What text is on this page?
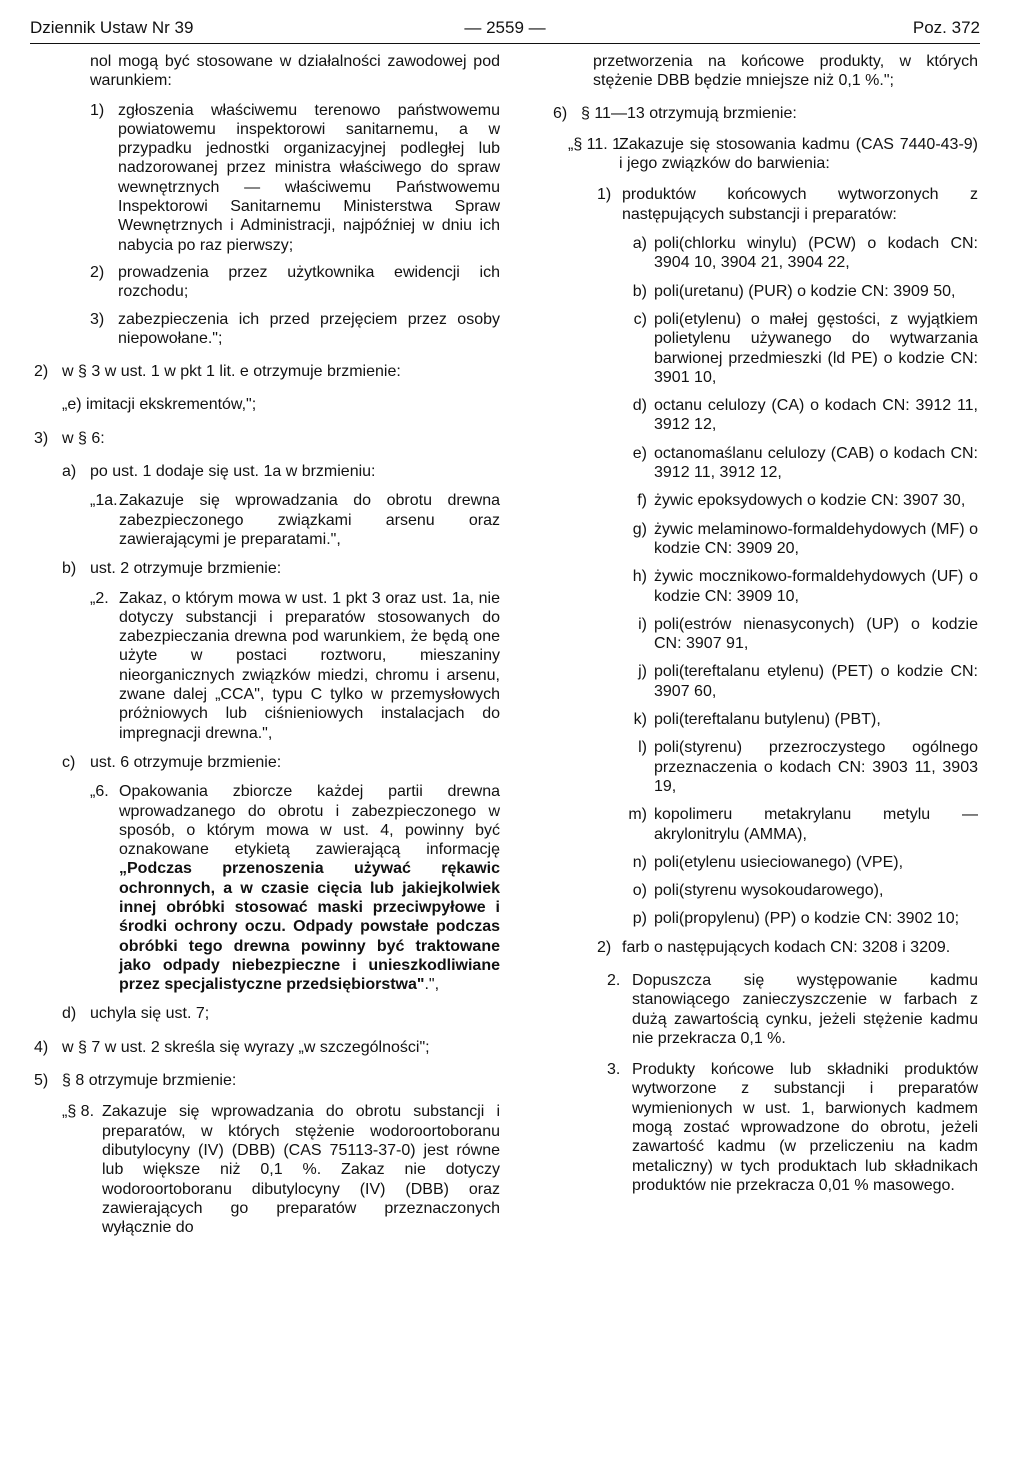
Dziennik Ustaw Nr 39	— 2559 —	Poz. 372
nol mogą być stosowane w działalności zawodowej pod warunkiem:
1) zgłoszenia właściwemu terenowo państwowemu powiatowemu inspektorowi sanitarnemu, a w przypadku jednostki organizacyjnej podległej lub nadzorowanej przez ministra właściwego do spraw wewnętrznych — właściwemu Państwowemu Inspektorowi Sanitarnemu Ministerstwa Spraw Wewnętrznych i Administracji, najpóźniej w dniu ich nabycia po raz pierwszy;
2) prowadzenia przez użytkownika ewidencji ich rozchodu;
3) zabezpieczenia ich przed przejęciem przez osoby niepowołane.";
2) w § 3 w ust. 1 w pkt 1 lit. e otrzymuje brzmienie:
„e) imitacji ekskrementów,";
3) w § 6:
a) po ust. 1 dodaje się ust. 1a w brzmieniu:
„1a. Zakazuje się wprowadzania do obrotu drewna zabezpieczonego związkami arsenu oraz zawierającymi je preparatami.",
b) ust. 2 otrzymuje brzmienie:
„2. Zakaz, o którym mowa w ust. 1 pkt 3 oraz ust. 1a, nie dotyczy substancji i preparatów stosowanych do zabezpieczania drewna pod warunkiem, że będą one użyte w postaci roztworu, mieszaniny nieorganicznych związków miedzi, chromu i arsenu, zwane dalej „CCA", typu C tylko w przemysłowych próżniowych lub ciśnieniowych instalacjach do impregnacji drewna.",
c) ust. 6 otrzymuje brzmienie:
„6. Opakowania zbiorcze każdej partii drewna wprowadzanego do obrotu i zabezpieczonego w sposób, o którym mowa w ust. 4, powinny być oznakowane etykietą zawierającą informację „Podczas przenoszenia używać rękawic ochronnych, a w czasie cięcia lub jakiejkolwiek innej obróbki stosować maski przeciwpyłowe i środki ochrony oczu. Odpady powstałe podczas obróbki tego drewna powinny być traktowane jako odpady niebezpieczne i unieszkodliwiane przez specjalistyczne przedsiębiorstwa".",
d) uchyla się ust. 7;
4) w § 7 w ust. 2 skreśla się wyrazy „w szczególności";
5) § 8 otrzymuje brzmienie:
„§ 8. Zakazuje się wprowadzania do obrotu substancji i preparatów, w których stężenie wodoroortoboranu dibutylocyny (IV) (DBB) (CAS 75113-37-0) jest równe lub większe niż 0,1 %. Zakaz nie dotyczy wodoroortoboranu dibutylocyny (IV) (DBB) oraz zawierających go preparatów przeznaczonych wyłącznie do
przetworzenia na końcowe produkty, w których stężenie DBB będzie mniejsze niż 0,1 %.";
6) § 11—13 otrzymują brzmienie:
„§ 11. 1.
Zakazuje się stosowania kadmu (CAS 7440-43-9) i jego związków do barwienia:
1) produktów końcowych wytworzonych z następujących substancji i preparatów:
a) poli(chlorku winylu) (PCW) o kodach CN: 3904 10, 3904 21, 3904 22,
b) poli(uretanu) (PUR) o kodzie CN: 3909 50,
c) poli(etylenu) o małej gęstości, z wyjątkiem polietylenu używanego do wytwarzania barwionej przedmieszki (ld PE) o kodzie CN: 3901 10,
d) octanu celulozy (CA) o kodach CN: 3912 11, 3912 12,
e) octanomaślanu celulozy (CAB) o kodach CN: 3912 11, 3912 12,
f) żywic epoksydowych o kodzie CN: 3907 30,
g) żywic melaminowo-formaldehydowych (MF) o kodzie CN: 3909 20,
h) żywic mocznikowo-formaldehydowych (UF) o kodzie CN: 3909 10,
i) poli(estrów nienasyconych) (UP) o kodzie CN: 3907 91,
j) poli(tereftalanu etylenu) (PET) o kodzie CN: 3907 60,
k) poli(tereftalanu butylenu) (PBT),
l) poli(styrenu) przezroczystego ogólnego przeznaczenia o kodach CN: 3903 11, 3903 19,
m) kopolimeru metakrylanu metylu — akrylonitrylu (AMMA),
n) poli(etylenu usieciowanego) (VPE),
o) poli(styrenu wysokoudarowego),
p) poli(propylenu) (PP) o kodzie CN: 3902 10;
2) farb o następujących kodach CN: 3208 i 3209.
2. Dopuszcza się występowanie kadmu stanowiącego zanieczyszczenie w farbach z dużą zawartością cynku, jeżeli stężenie kadmu nie przekracza 0,1 %.
3. Produkty końcowe lub składniki produktów wytworzone z substancji i preparatów wymienionych w ust. 1, barwionych kadmem mogą zostać wprowadzone do obrotu, jeżeli zawartość kadmu (w przeliczeniu na kadm metaliczny) w tych produktach lub składnikach produktów nie przekracza 0,01 % masowego.
